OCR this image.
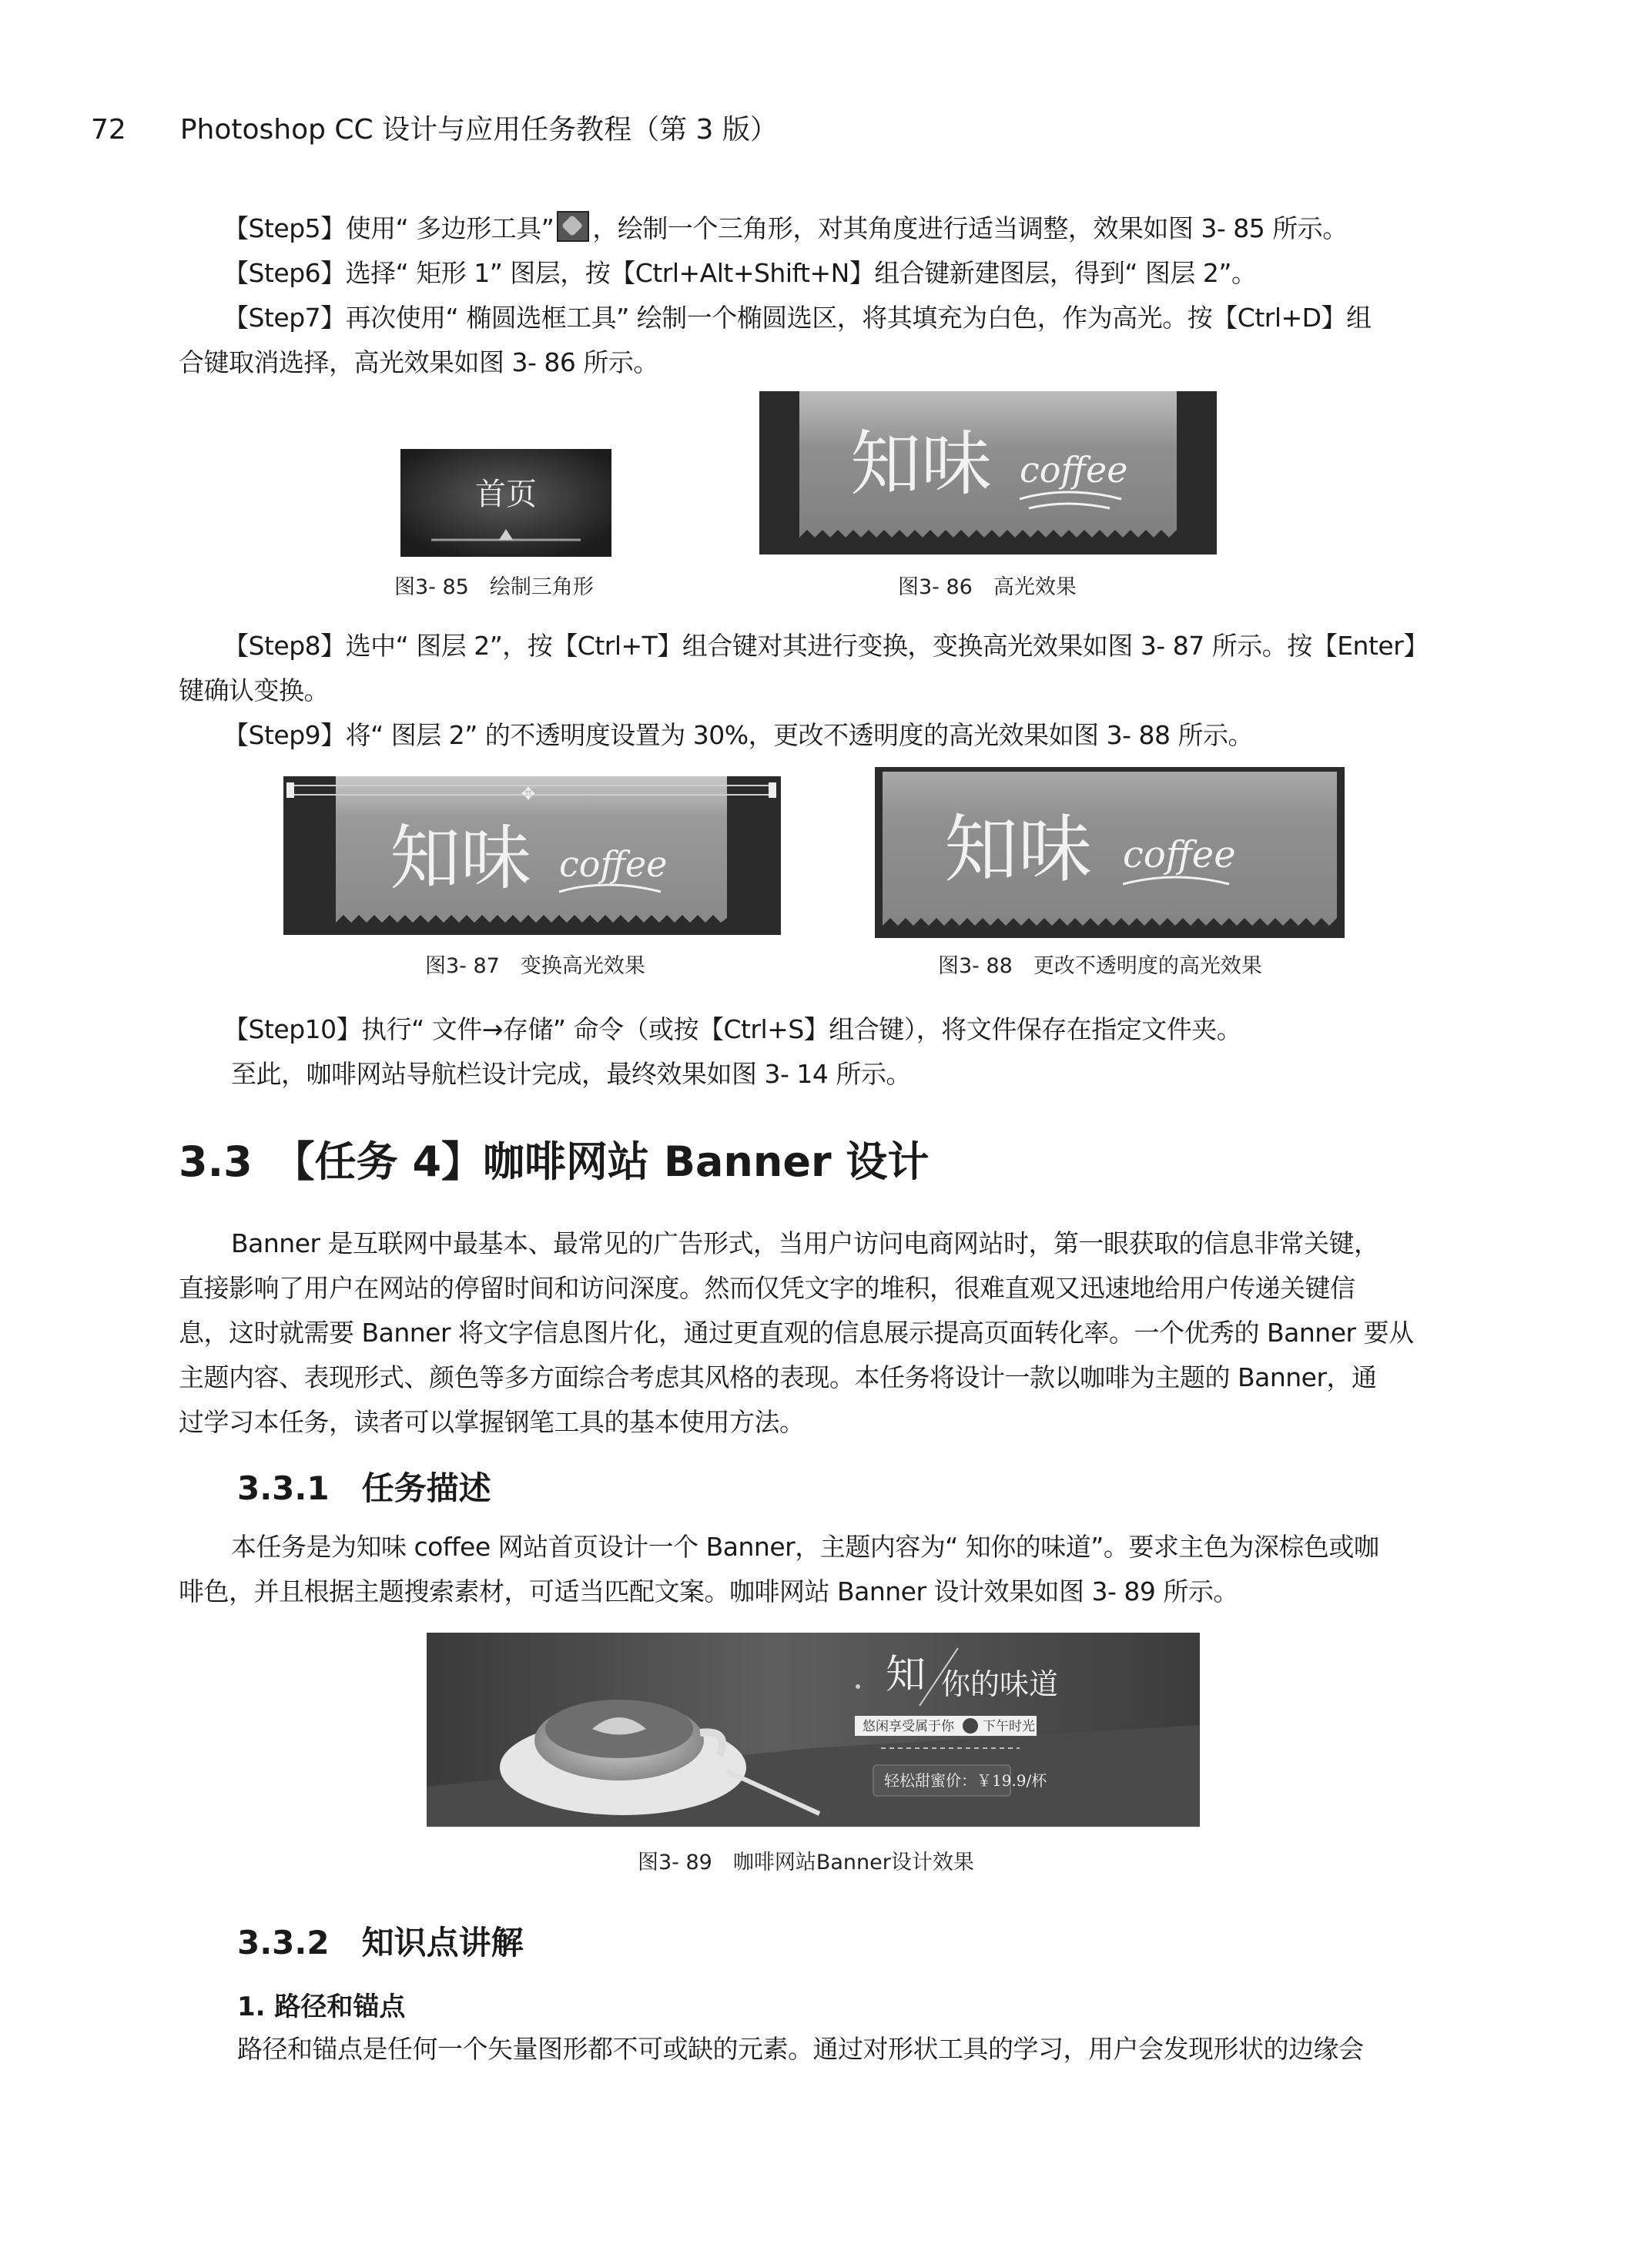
72 Photoshop CC 设计与应用任务教程（第 3 版）
【Step5】使用“ 多边形工具” ，绘制一个三角形，对其角度进行适当调整，效果如图 3- 85 所示。
【Step6】选择“ 矩形 1” 图层，按【Ctrl+Alt+Shift+N】组合键新建图层，得到“ 图层 2”。
【Step7】再次使用“ 椭圆选框工具” 绘制一个椭圆选区，将其填充为白色，作为高光。按【Ctrl+D】组
合键取消选择，高光效果如图 3- 86 所示。
首页
图3- 85　绘制三角形
知味 coffee
图3- 86　高光效果
【Step8】选中“ 图层 2”，按【Ctrl+T】组合键对其进行变换，变换高光效果如图 3- 87 所示。按【Enter】
键确认变换。
【Step9】将“ 图层 2” 的不透明度设置为 30%，更改不透明度的高光效果如图 3- 88 所示。
✥
知味 coffee
图3- 87　变换高光效果
知味 coffee
图3- 88　更改不透明度的高光效果
【Step10】执行“ 文件→存储” 命令（或按【Ctrl+S】组合键），将文件保存在指定文件夹。
至此，咖啡网站导航栏设计完成，最终效果如图 3- 14 所示。
3.3　【任务 4】咖啡网站 Banner 设计
Banner 是互联网中最基本、最常见的广告形式，当用户访问电商网站时，第一眼获取的信息非常关键，
直接影响了用户在网站的停留时间和访问深度。然而仅凭文字的堆积，很难直观又迅速地给用户传递关键信
息，这时就需要 Banner 将文字信息图片化，通过更直观的信息展示提高页面转化率。一个优秀的 Banner 要从
主题内容、表现形式、颜色等多方面综合考虑其风格的表现。本任务将设计一款以咖啡为主题的 Banner，通
过学习本任务，读者可以掌握钢笔工具的基本使用方法。
3.3.1　任务描述
本任务是为知味 coffee 网站首页设计一个 Banner，主题内容为“ 知你的味道”。要求主色为深棕色或咖
啡色，并且根据主题搜索素材，可适当匹配文案。咖啡网站 Banner 设计效果如图 3- 89 所示。
知 你的味道
悠闲享受属于你 下午时光
轻松甜蜜价：￥19.9/杯
图3- 89　咖啡网站Banner设计效果
3.3.2　知识点讲解
1. 路径和锚点
路径和锚点是任何一个矢量图形都不可或缺的元素。通过对形状工具的学习，用户会发现形状的边缘会
